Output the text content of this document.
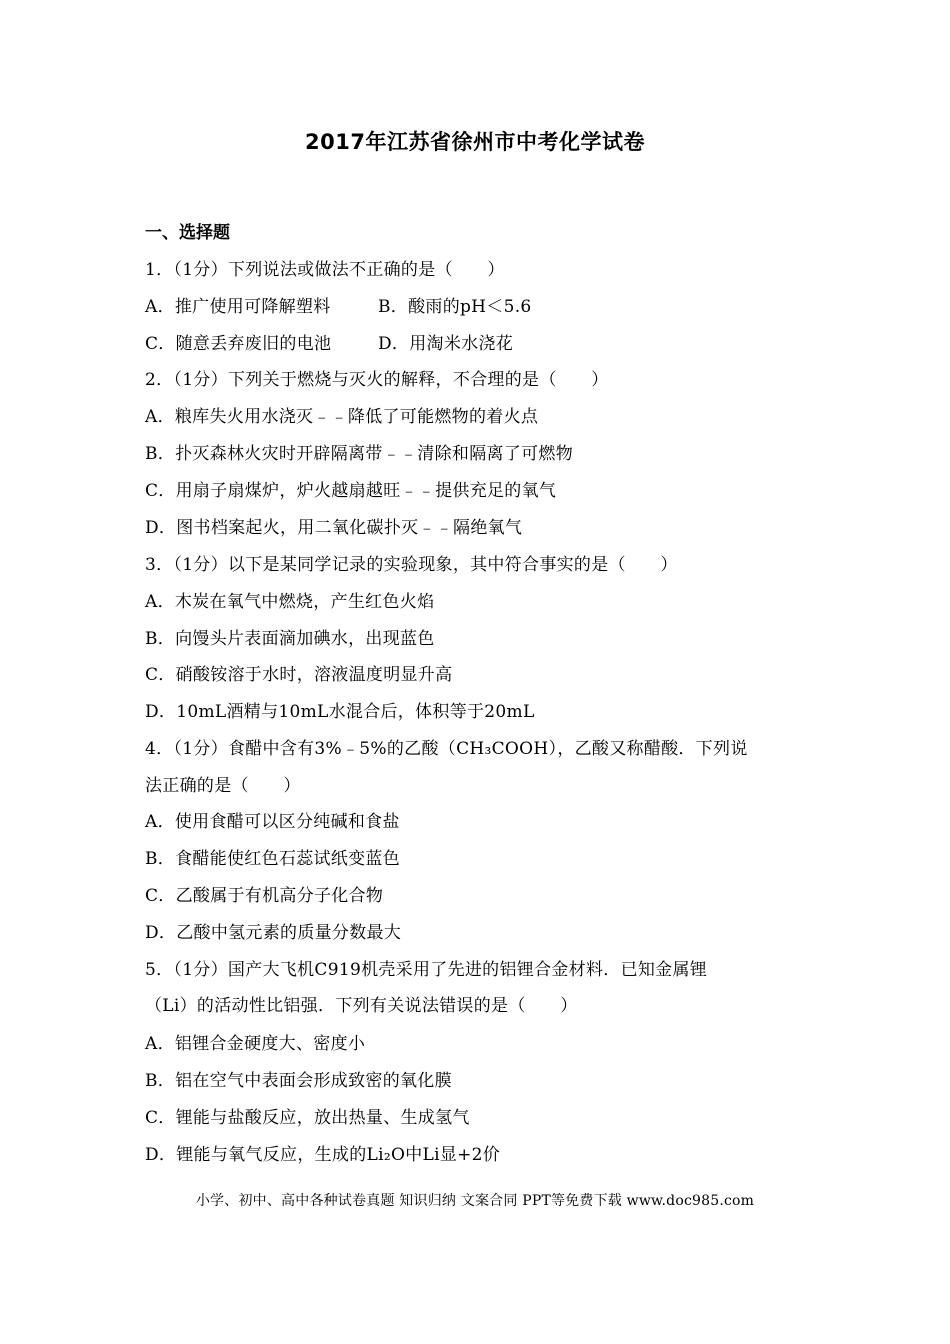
2017年江苏省徐州市中考化学试卷
一、选择题
1．（1分）下列说法或做法不正确的是（　　）
A．推广使用可降解塑料	B．酸雨的pH＜5.6
C．随意丢弃废旧的电池	D．用淘米水浇花
2．（1分）下列关于燃烧与灭火的解释，不合理的是（　　）
A．粮库失火用水浇灭﹣﹣降低了可能燃物的着火点
B．扑灭森林火灾时开辟隔离带﹣﹣清除和隔离了可燃物
C．用扇子扇煤炉，炉火越扇越旺﹣﹣提供充足的氧气
D．图书档案起火，用二氧化碳扑灭﹣﹣隔绝氧气
3．（1分）以下是某同学记录的实验现象，其中符合事实的是（　　）
A．木炭在氧气中燃烧，产生红色火焰
B．向馒头片表面滴加碘水，出现蓝色
C．硝酸铵溶于水时，溶液温度明显升高
D．10mL酒精与10mL水混合后，体积等于20mL
4．（1分）食醋中含有3%﹣5%的乙酸（CH₃COOH），乙酸又称醋酸．下列说
法正确的是（　　）
A．使用食醋可以区分纯碱和食盐
B．食醋能使红色石蕊试纸变蓝色
C．乙酸属于有机高分子化合物
D．乙酸中氢元素的质量分数最大
5．（1分）国产大飞机C919机壳采用了先进的铝锂合金材料．已知金属锂
（Li）的活动性比铝强．下列有关说法错误的是（　　）
A．铝锂合金硬度大、密度小
B．铝在空气中表面会形成致密的氧化膜
C．锂能与盐酸反应，放出热量、生成氢气
D．锂能与氧气反应，生成的Li₂O中Li显+2价
小学、初中、高中各种试卷真题 知识归纳 文案合同 PPT等免费下载 www.doc985.com
